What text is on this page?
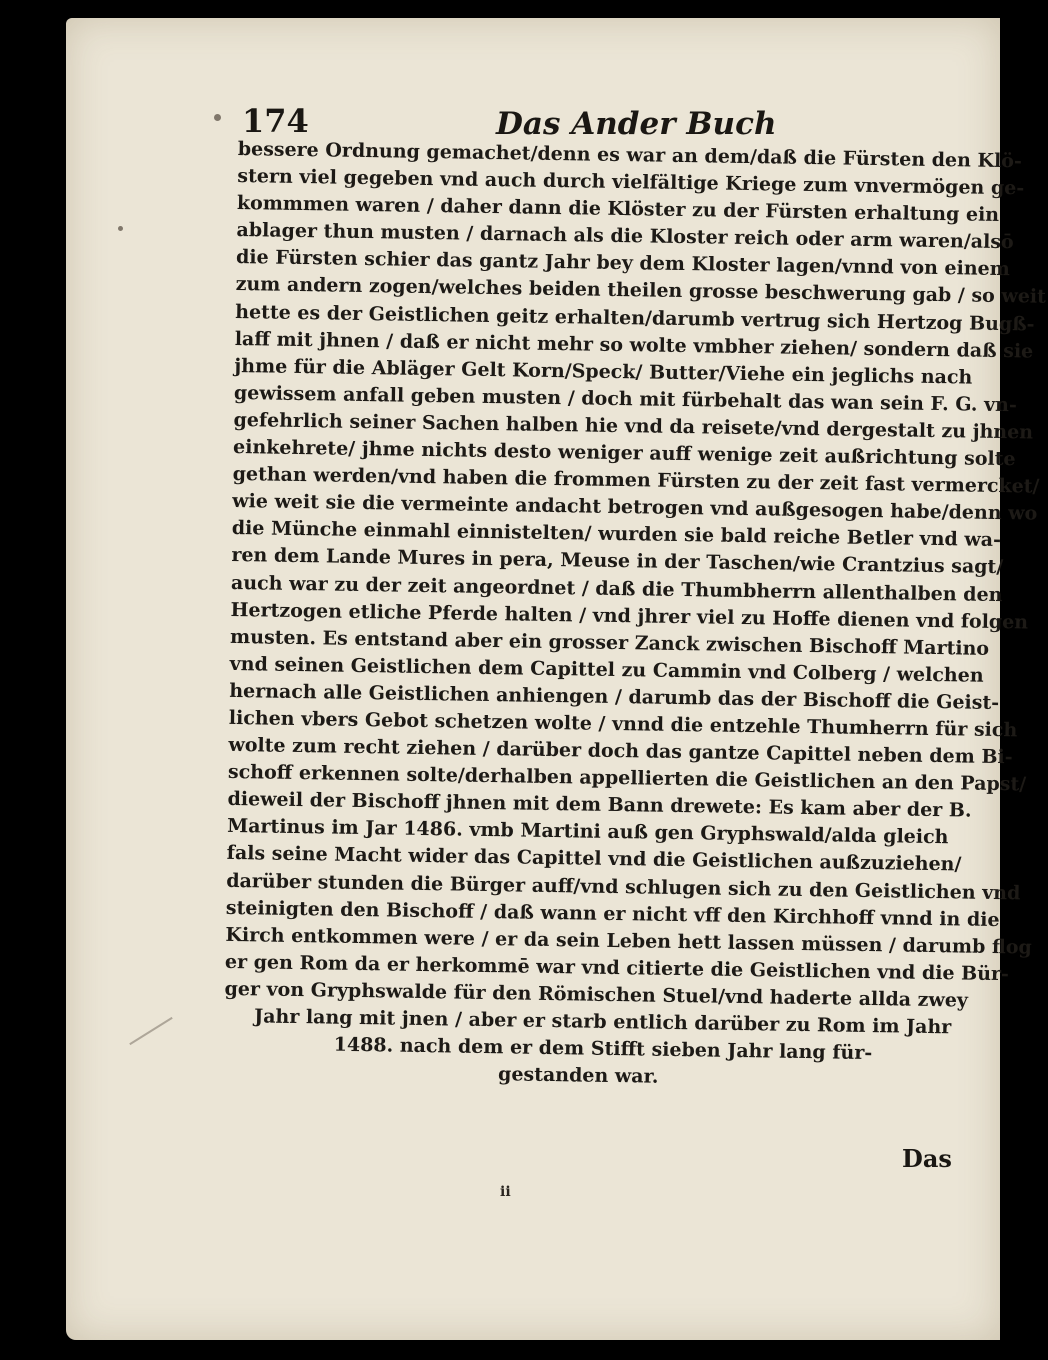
174	Das Ander Buch
bessere Ordnung gemachet/denn es war an dem/daß die Fürsten den Klö-
stern viel gegeben vnd auch durch vielfältige Kriege zum vnvermögen ge-
kommmen waren / daher dann die Klöster zu der Fürsten erhaltung ein
ablager thun musten / darnach als die Kloster reich oder arm waren/alsō
die Fürsten schier das gantz Jahr bey dem Kloster lagen/vnnd von einem
zum andern zogen/welches beiden theilen grosse beschwerung gab / so weit
hette es der Geistlichen geitz erhalten/darumb vertrug sich Hertzog Bugß-
laff mit jhnen / daß er nicht mehr so wolte vmbher ziehen/ sondern daß sie
jhme für die Abläger Gelt Korn/Speck/ Butter/Viehe ein jeglichs nach
gewissem anfall geben musten / doch mit fürbehalt das wan sein F. G. vn-
gefehrlich seiner Sachen halben hie vnd da reisete/vnd dergestalt zu jhnen
einkehrete/ jhme nichts desto weniger auff wenige zeit außrichtung solte
gethan werden/vnd haben die frommen Fürsten zu der zeit fast vermercket/
wie weit sie die vermeinte andacht betrogen vnd außgesogen habe/denn wo
die Münche einmahl einnistelten/ wurden sie bald reiche Betler vnd wa-
ren dem Lande Mures in pera, Meuse in der Taschen/wie Crantzius sagt/
auch war zu der zeit angeordnet / daß die Thumbherrn allenthalben den
Hertzogen etliche Pferde halten / vnd jhrer viel zu Hoffe dienen vnd folgen
musten. Es entstand aber ein grosser Zanck zwischen Bischoff Martino
vnd seinen Geistlichen dem Capittel zu Cammin vnd Colberg / welchen
hernach alle Geistlichen anhiengen / darumb das der Bischoff die Geist-
lichen vbers Gebot schetzen wolte / vnnd die entzehle Thumherrn für sich
wolte zum recht ziehen / darüber doch das gantze Capittel neben dem Bi-
schoff erkennen solte/derhalben appellierten die Geistlichen an den Papst/
dieweil der Bischoff jhnen mit dem Bann drewete: Es kam aber der B.
Martinus im Jar 1486. vmb Martini auß gen Gryphswald/alda gleich
fals seine Macht wider das Capittel vnd die Geistlichen außzuziehen/
darüber stunden die Bürger auff/vnd schlugen sich zu den Geistlichen vnd
steinigten den Bischoff / daß wann er nicht vff den Kirchhoff vnnd in die
Kirch entkommen were / er da sein Leben hett lassen müssen / darumb flog
er gen Rom da er herkommē war vnd citierte die Geistlichen vnd die Bür-
ger von Gryphswalde für den Römischen Stuel/vnd haderte allda zwey
Jahr lang mit jnen / aber er starb entlich darüber zu Rom im Jahr
1488. nach dem er dem Stifft sieben Jahr lang für-
gestanden war.
Das
ii
